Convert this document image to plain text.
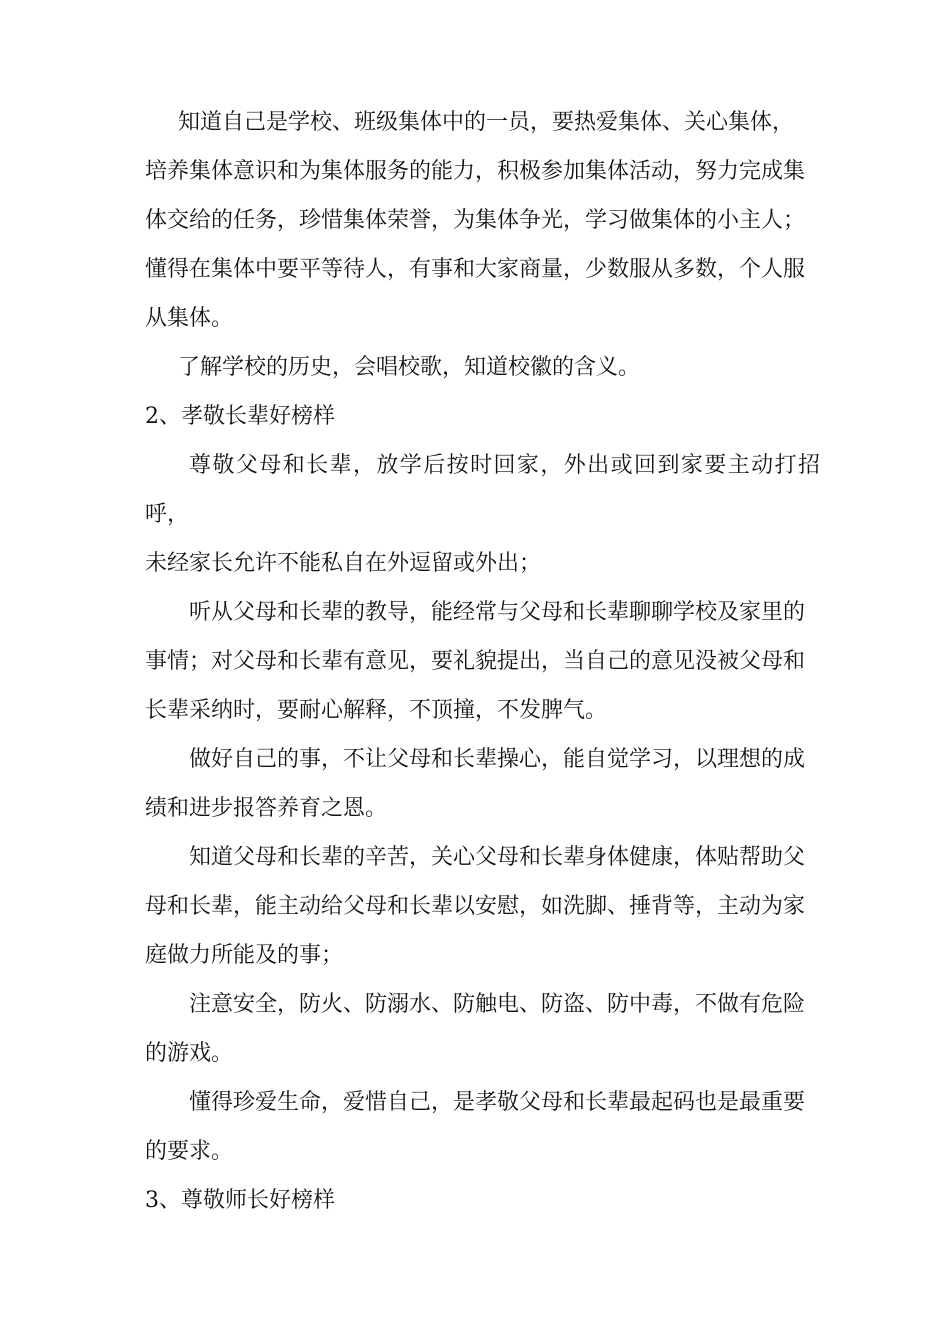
知道自己是学校、班级集体中的一员，要热爱集体、关心集体，
培养集体意识和为集体服务的能力，积极参加集体活动，努力完成集
体交给的任务，珍惜集体荣誉，为集体争光，学习做集体的小主人；
懂得在集体中要平等待人，有事和大家商量，少数服从多数，个人服
从集体。
了解学校的历史，会唱校歌，知道校徽的含义。
2、孝敬长辈好榜样
尊敬父母和长辈，放学后按时回家，外出或回到家要主动打招呼，
未经家长允许不能私自在外逗留或外出；
听从父母和长辈的教导，能经常与父母和长辈聊聊学校及家里的
事情；对父母和长辈有意见，要礼貌提出，当自己的意见没被父母和
长辈采纳时，要耐心解释，不顶撞，不发脾气。
做好自己的事，不让父母和长辈操心，能自觉学习，以理想的成
绩和进步报答养育之恩。
知道父母和长辈的辛苦，关心父母和长辈身体健康，体贴帮助父
母和长辈，能主动给父母和长辈以安慰，如洗脚、捶背等，主动为家
庭做力所能及的事；
注意安全，防火、防溺水、防触电、防盗、防中毒，不做有危险
的游戏。
懂得珍爱生命，爱惜自己，是孝敬父母和长辈最起码也是最重要
的要求。
3、尊敬师长好榜样
